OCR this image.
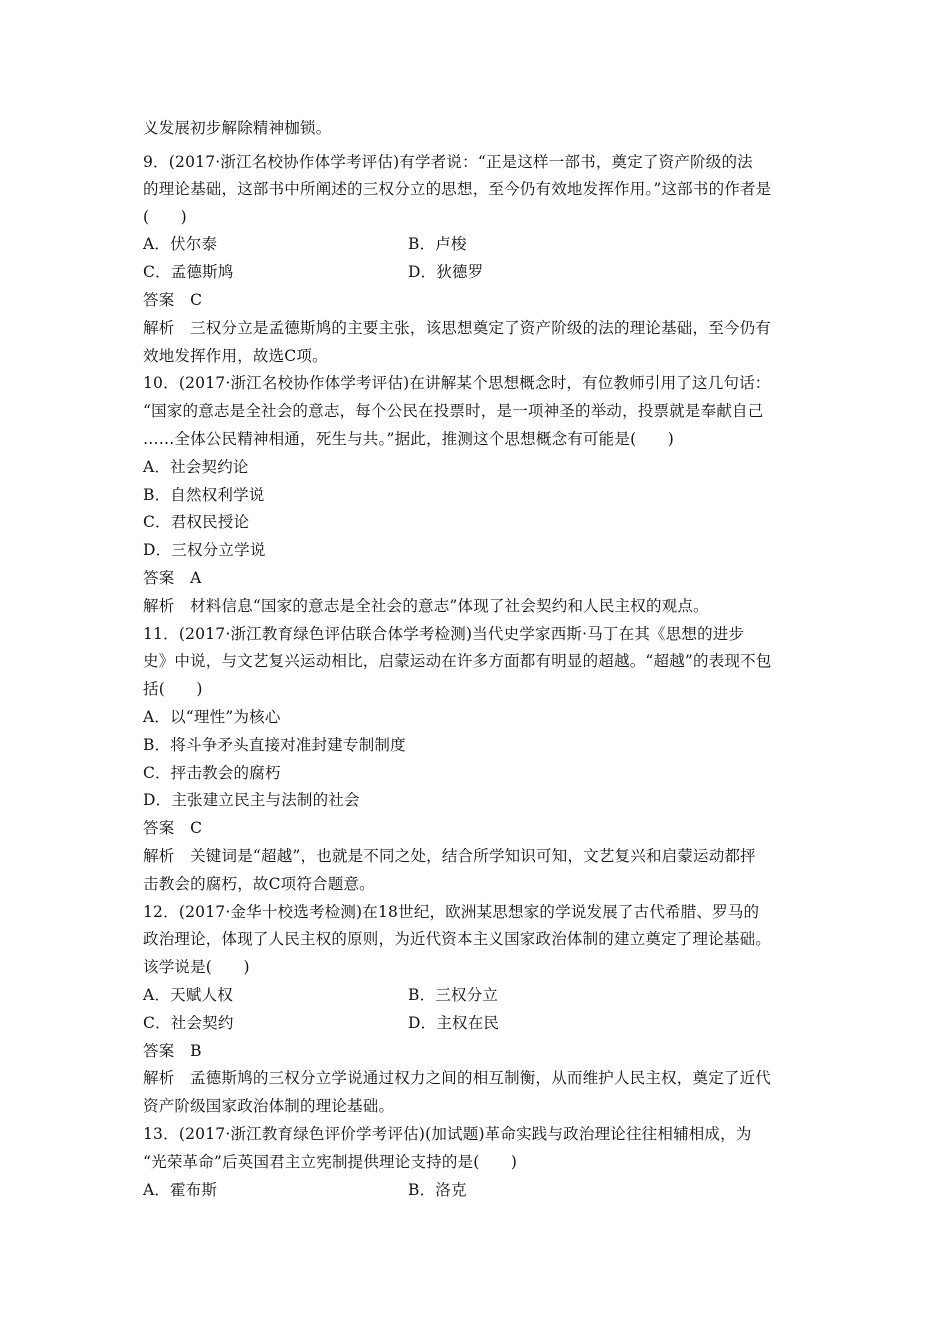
义发展初步解除精神枷锁。
9．(2017·浙江名校协作体学考评估)有学者说：“正是这样一部书，奠定了资产阶级的法
的理论基础，这部书中所阐述的三权分立的思想，至今仍有效地发挥作用。”这部书的作者是
(　　)
A．伏尔泰	B．卢梭
C．孟德斯鸠	D．狄德罗
答案　C
解析　三权分立是孟德斯鸠的主要主张，该思想奠定了资产阶级的法的理论基础，至今仍有
效地发挥作用，故选C项。
10．(2017·浙江名校协作体学考评估)在讲解某个思想概念时，有位教师引用了这几句话：
“国家的意志是全社会的意志，每个公民在投票时，是一项神圣的举动，投票就是奉献自己
……全体公民精神相通，死生与共。”据此，推测这个思想概念有可能是(　　)
A．社会契约论
B．自然权利学说
C．君权民授论
D．三权分立学说
答案　A
解析　材料信息“国家的意志是全社会的意志”体现了社会契约和人民主权的观点。
11．(2017·浙江教育绿色评估联合体学考检测)当代史学家西斯·马丁在其《思想的进步
史》中说，与文艺复兴运动相比，启蒙运动在许多方面都有明显的超越。“超越”的表现不包
括(　　)
A．以“理性”为核心
B．将斗争矛头直接对准封建专制制度
C．抨击教会的腐朽
D．主张建立民主与法制的社会
答案　C
解析　关键词是“超越”，也就是不同之处，结合所学知识可知，文艺复兴和启蒙运动都抨
击教会的腐朽，故C项符合题意。
12．(2017·金华十校选考检测)在18世纪，欧洲某思想家的学说发展了古代希腊、罗马的
政治理论，体现了人民主权的原则，为近代资本主义国家政治体制的建立奠定了理论基础。
该学说是(　　)
A．天赋人权	B．三权分立
C．社会契约	D．主权在民
答案　B
解析　孟德斯鸠的三权分立学说通过权力之间的相互制衡，从而维护人民主权，奠定了近代
资产阶级国家政治体制的理论基础。
13．(2017·浙江教育绿色评价学考评估)(加试题)革命实践与政治理论往往相辅相成，为
“光荣革命”后英国君主立宪制提供理论支持的是(　　)
A．霍布斯	B．洛克
